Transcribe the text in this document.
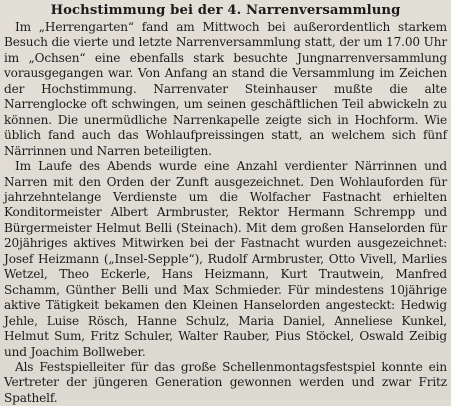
Hochstimmung bei der 4. Narrenversammlung

Im „Herrengarten“ fand am Mittwoch bei außerordentlich starkem Besuch die vierte und letzte Narrenversammlung statt, der um 17.00 Uhr im „Ochsen“ eine ebenfalls stark besuchte Jungnarrenversammlung vorausgegangen war. Von Anfang an stand die Versammlung im Zeichen der Hochstimmung. Narrenvater Steinhauser mußte die alte Narrenglocke oft schwingen, um seinen geschäftlichen Teil abwickeln zu können. Die unermüdliche Narrenkapelle zeigte sich in Hochform. Wie üblich fand auch das Wohlaufpreissingen statt, an welchem sich fünf Närrinnen und Narren beteiligten.

Im Laufe des Abends wurde eine Anzahl verdienter Närrinnen und Narren mit den Orden der Zunft ausgezeichnet. Den Wohlauforden für jahrzehntelange Verdienste um die Wolfacher Fastnacht erhielten Konditormeister Albert Armbruster, Rektor Hermann Schrempp und Bürgermeister Helmut Belli (Steinach). Mit dem großen Hanselorden für 20jähriges aktives Mitwirken bei der Fastnacht wurden ausgezeichnet: Josef Heizmann („Insel-Sepple“), Rudolf Armbruster, Otto Vivell, Marlies Wetzel, Theo Eckerle, Hans Heizmann, Kurt Trautwein, Manfred Schamm, Günther Belli und Max Schmieder. Für mindestens 10jährige aktive Tätigkeit bekamen den Kleinen Hanselorden angesteckt: Hedwig Jehle, Luise Rösch, Hanne Schulz, Maria Daniel, Anneliese Kunkel, Helmut Sum, Fritz Schuler, Walter Rauber, Pius Stöckel, Oswald Zeibig und Joachim Bollweber.

Als Festspielleiter für das große Schellenmontagsfestspiel konnte ein Vertreter der jüngeren Generation gewonnen werden und zwar Fritz Spathelf.
